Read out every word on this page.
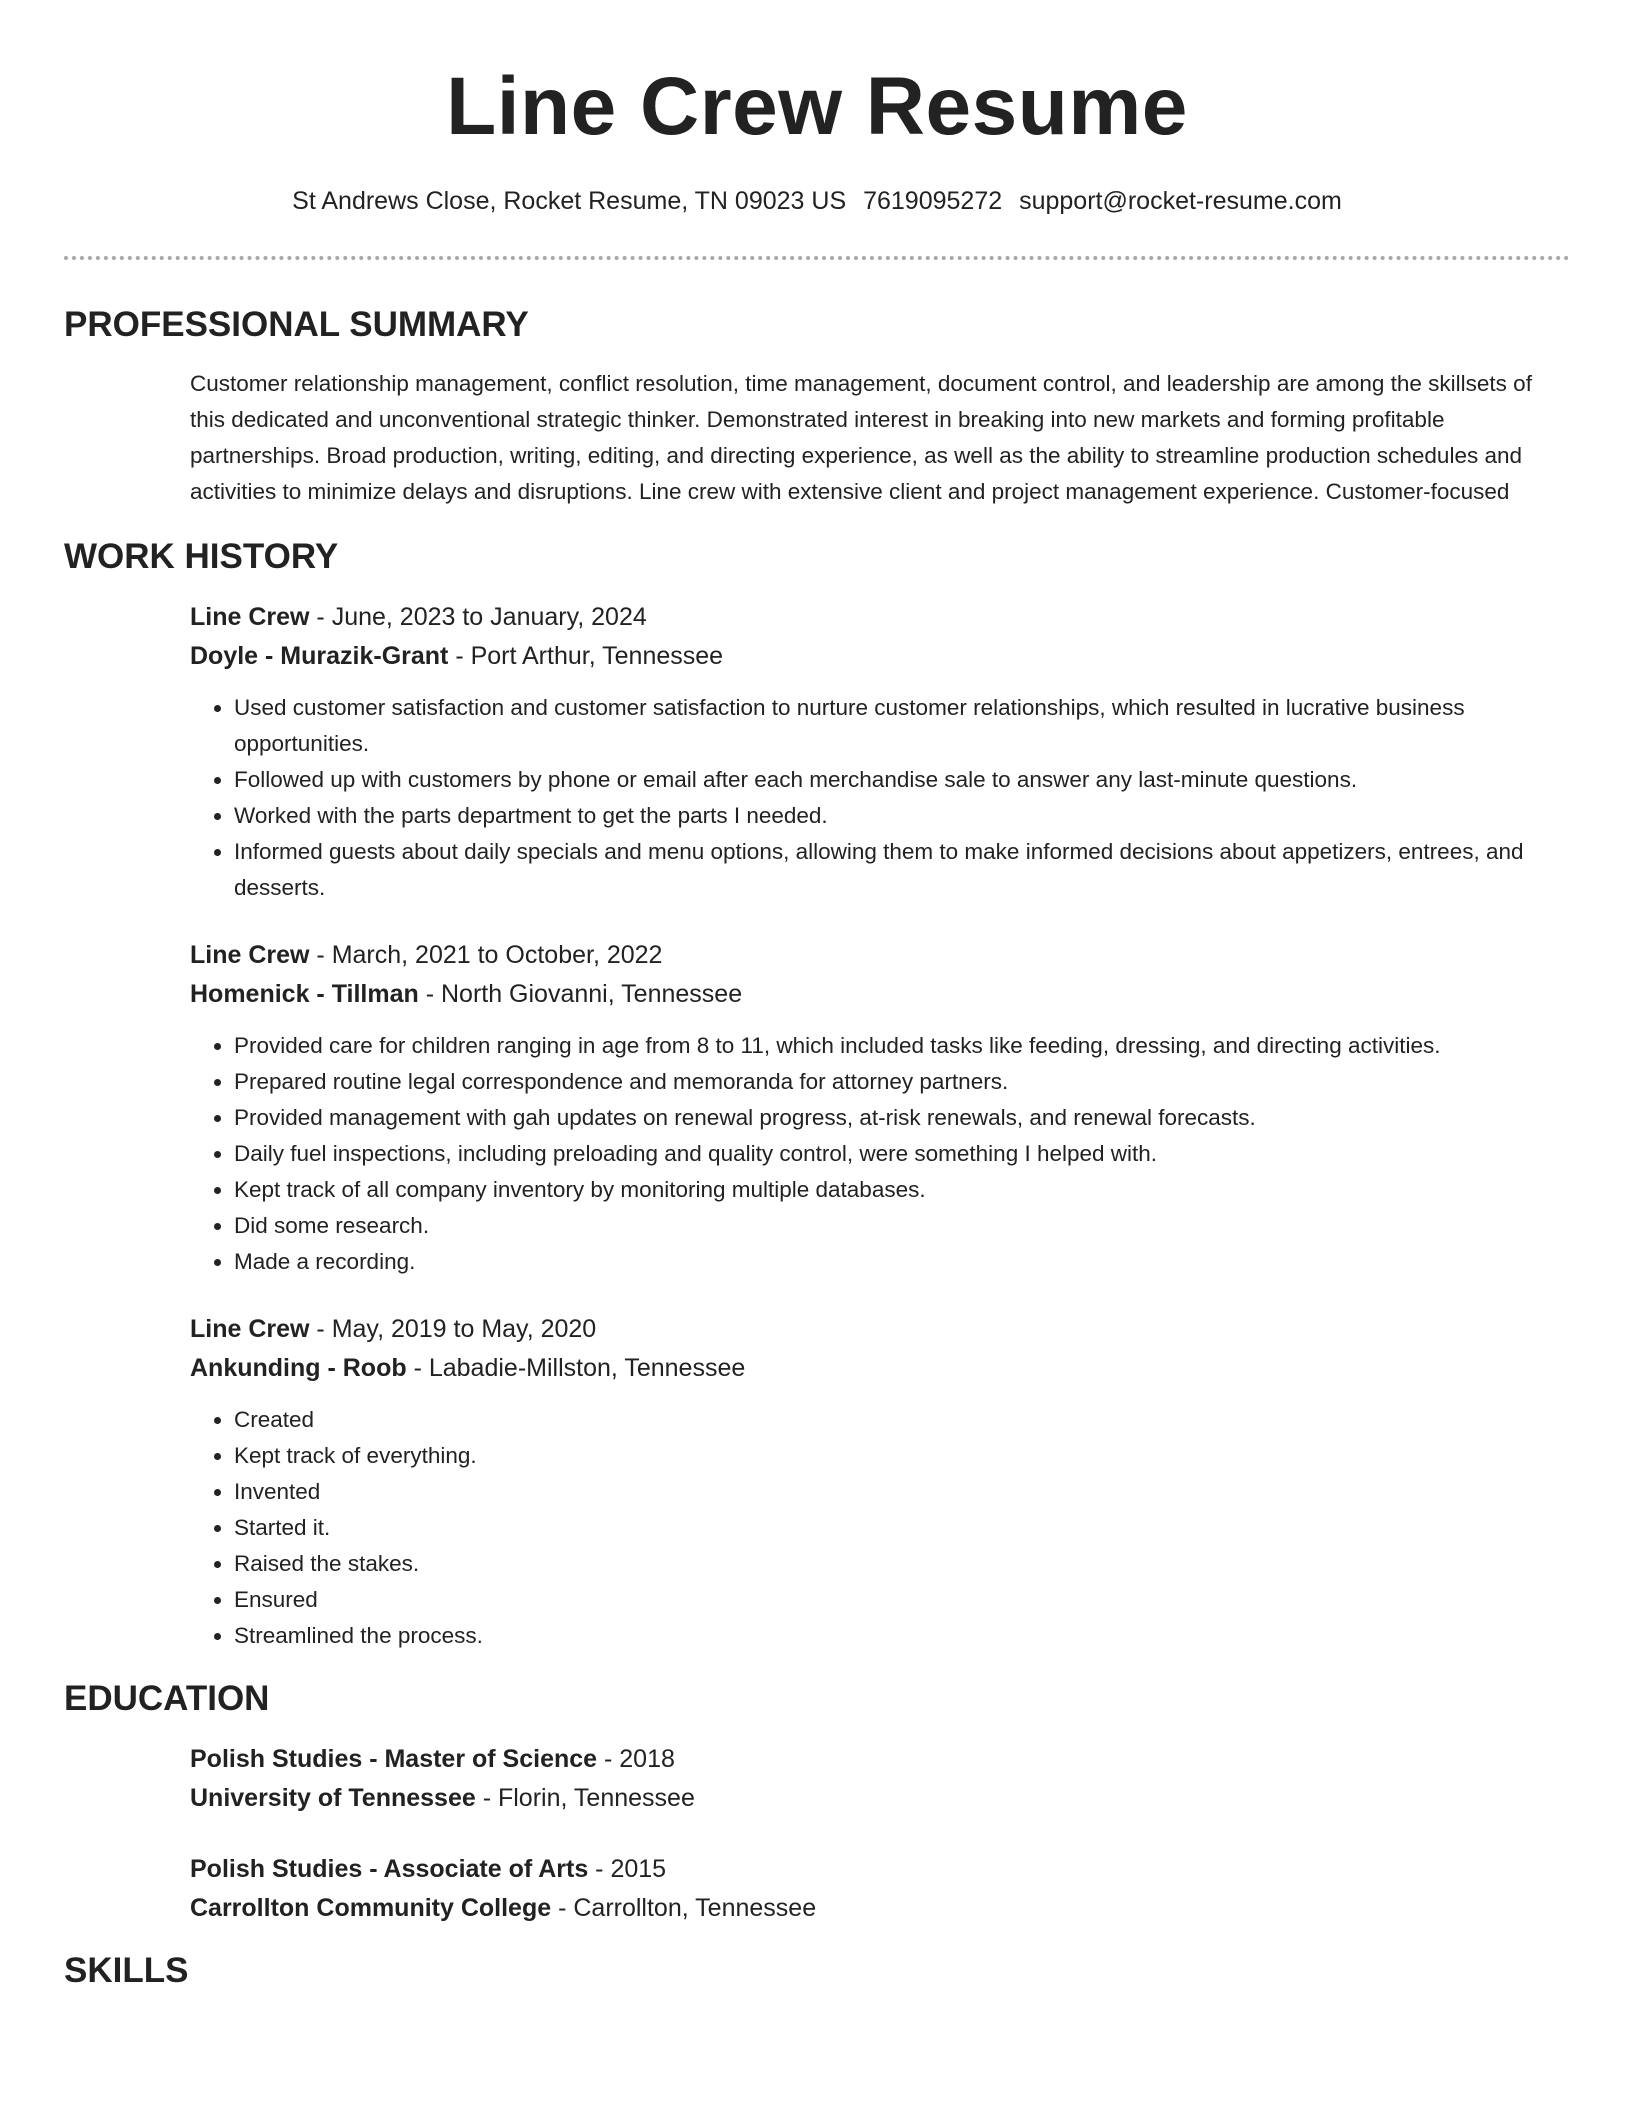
Line Crew Resume
St Andrews Close, Rocket Resume, TN 09023 US 7619095272 support@rocket-resume.com
PROFESSIONAL SUMMARY
Customer relationship management, conflict resolution, time management, document control, and leadership are among the skillsets of this dedicated and unconventional strategic thinker. Demonstrated interest in breaking into new markets and forming profitable partnerships. Broad production, writing, editing, and directing experience, as well as the ability to streamline production schedules and activities to minimize delays and disruptions. Line crew with extensive client and project management experience. Customer-focused
WORK HISTORY
Line Crew - June, 2023 to January, 2024
Doyle - Murazik-Grant - Port Arthur, Tennessee
• Used customer satisfaction and customer satisfaction to nurture customer relationships, which resulted in lucrative business opportunities.
• Followed up with customers by phone or email after each merchandise sale to answer any last-minute questions.
• Worked with the parts department to get the parts I needed.
• Informed guests about daily specials and menu options, allowing them to make informed decisions about appetizers, entrees, and desserts.
Line Crew - March, 2021 to October, 2022
Homenick - Tillman - North Giovanni, Tennessee
• Provided care for children ranging in age from 8 to 11, which included tasks like feeding, dressing, and directing activities.
• Prepared routine legal correspondence and memoranda for attorney partners.
• Provided management with gah updates on renewal progress, at-risk renewals, and renewal forecasts.
• Daily fuel inspections, including preloading and quality control, were something I helped with.
• Kept track of all company inventory by monitoring multiple databases.
• Did some research.
• Made a recording.
Line Crew - May, 2019 to May, 2020
Ankunding - Roob - Labadie-Millston, Tennessee
• Created
• Kept track of everything.
• Invented
• Started it.
• Raised the stakes.
• Ensured
• Streamlined the process.
EDUCATION
Polish Studies - Master of Science - 2018
University of Tennessee - Florin, Tennessee
Polish Studies - Associate of Arts - 2015
Carrollton Community College - Carrollton, Tennessee
SKILLS
